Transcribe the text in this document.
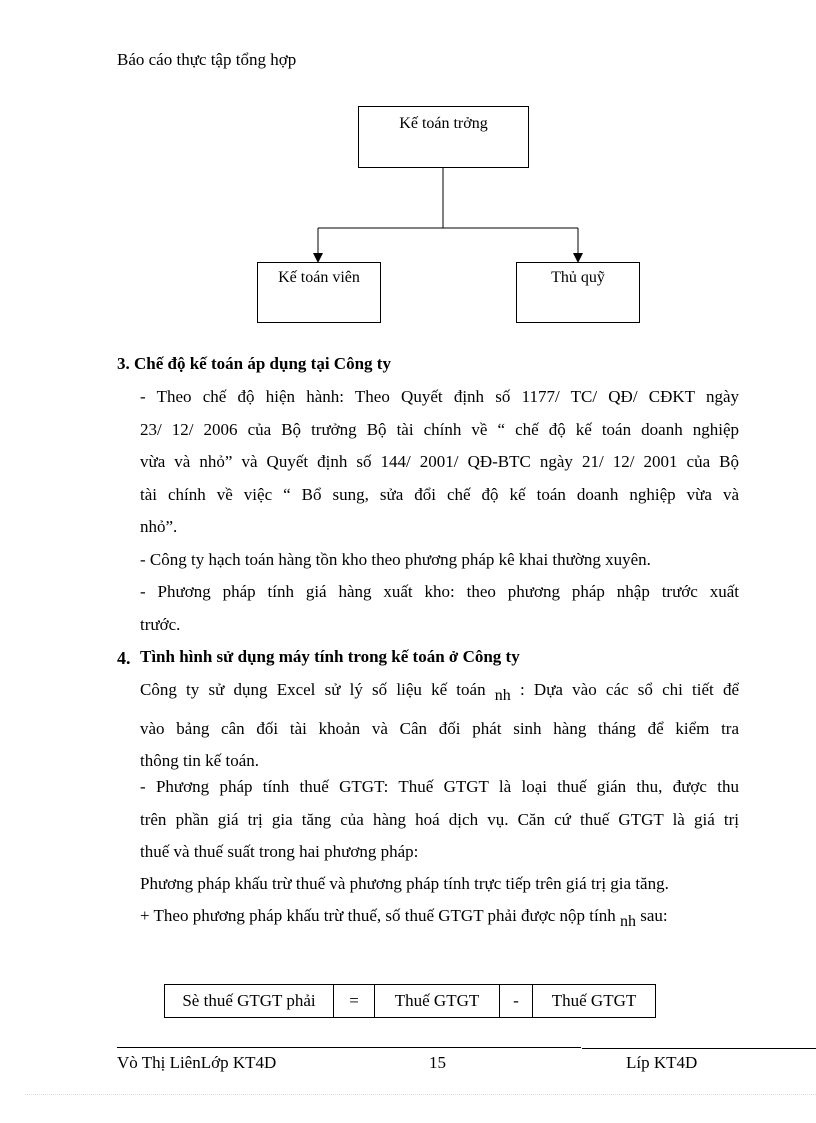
Báo cáo thực tập tổng hợp
Kế toán trởng
Kế toán viên	Thủ quỹ
3. Chế độ kế toán áp dụng tại Công ty
- Theo chế độ hiện hành: Theo Quyết định số 1177/ TC/ QĐ/ CĐKT ngày
23/ 12/ 2006 của Bộ trưởng Bộ tài chính về “ chế độ kế toán doanh nghiệp
vừa và nhỏ” và Quyết định số 144/ 2001/ QĐ-BTC ngày 21/ 12/ 2001 của Bộ
tài chính về việc “ Bổ sung, sửa đổi chế độ kế toán doanh nghiệp vừa và
nhỏ”.
- Công ty hạch toán hàng tồn kho theo phương pháp kê khai thường xuyên.
- Phương pháp tính giá hàng xuất kho: theo phương pháp nhập trước xuất
trước.
4. Tình hình sử dụng máy tính trong kế toán ở Công ty
Công ty sử dụng Excel sử lý số liệu kế toán $_{nh}$ : Dựa vào các sổ chi tiết để
vào bảng cân đối tài khoản và Cân đối phát sinh hàng tháng để kiểm tra
thông tin kế toán.
- Phương pháp tính thuế GTGT: Thuế GTGT là loại thuế gián thu, được thu
trên phần giá trị gia tăng của hàng hoá dịch vụ. Căn cứ thuế GTGT là giá trị
thuế và thuế suất trong hai phương pháp:
Phương pháp khấu trừ thuế và phương pháp tính trực tiếp trên giá trị gia tăng.
+ Theo phương pháp khấu trừ thuế, số thuế GTGT phải được nộp tính $_{nh}$ sau:
Sè thuế GTGT phải	=	Thuế GTGT	-	Thuế GTGT
Vò Thị LiênLớp KT4D	15	Líp KT4D
